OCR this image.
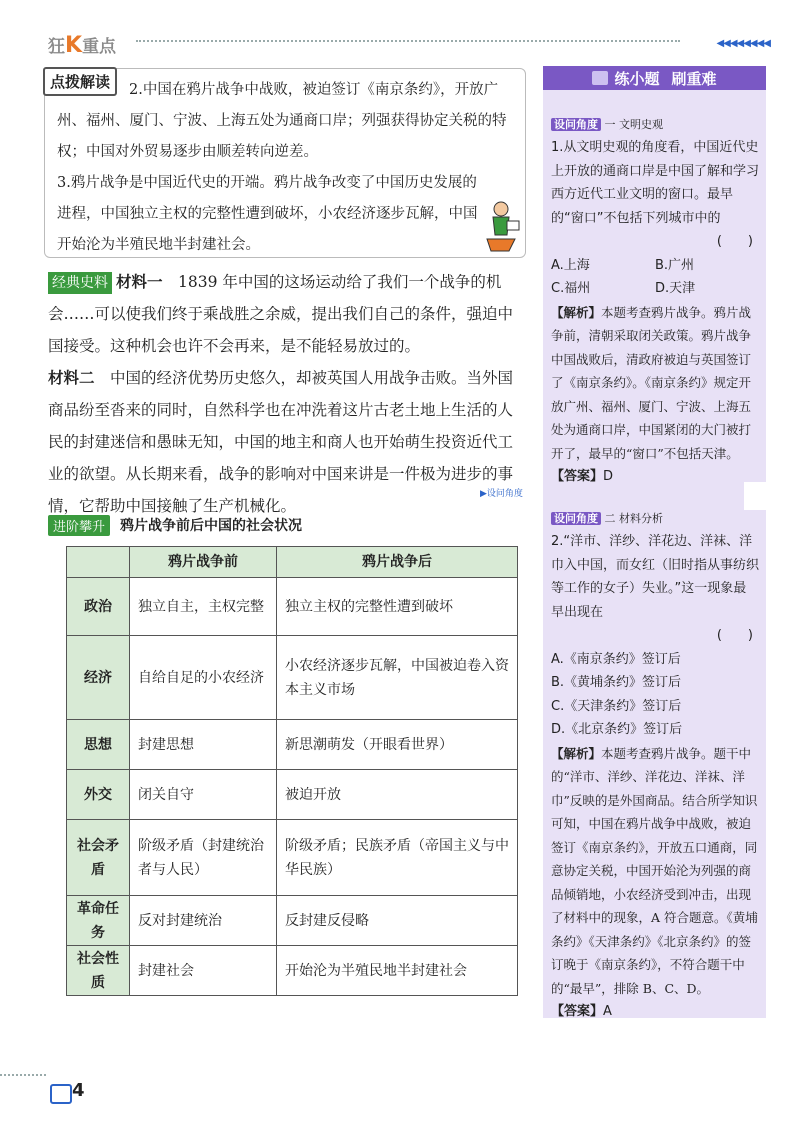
狂K重点	◀◀◀◀◀◀◀◀

2.中国在鸦片战争中战败，被迫签订《南京条约》，开放广

州、福州、厦门、宁波、上海五处为通商口岸；列强获得协定关税的特

权；中国对外贸易逐步由顺差转向逆差。

3.鸦片战争是中国近代史的开端。鸦片战争改变了中国历史发展的

进程，中国独立主权的完整性遭到破坏，小农经济逐步瓦解，中国

开始沦为半殖民地半封建社会。

点拨解读

经典史料 材料一　 1839 年中国的这场运动给了我们一个战争的机会……可以使我们终于乘战胜之余威，提出我们自己的条件，强迫中国接受。这种机会也许不会再来，是不能轻易放过的。

材料二　 中国的经济优势历史悠久，却被英国人用战争击败。当外国商品纷至沓来的同时，自然科学也在冲洗着这片古老土地上生活的人民的封建迷信和愚昧无知，中国的地主和商人也开始萌生投资近代工业的欲望。从长期来看，战争的影响对中国来讲是一件极为进步的事情，它帮助中国接触了生产机械化。

▶设问角度
进阶攀升	鸦片战争前后中国的社会状况
	鸦片战争前	鸦片战争后
政治	独立自主，主权完整	独立主权的完整性遭到破坏
经济	自给自足的小农经济	小农经济逐步瓦解，中国被迫卷入资本主义市场
思想	封建思想	新思潮萌发（开眼看世界）
外交	闭关自守	被迫开放
社会矛盾	阶级矛盾（封建统治者与人民）	阶级矛盾；民族矛盾（帝国主义与中华民族）
革命任务	反对封建统治	反封建反侵略
社会性质	封建社会	开始沦为半殖民地半封建社会
练小题 刷重难
设问角度 一 文明史观

1.从文明史观的角度看，中国近代史上开放的通商口岸是中国了解和学习西方近代工业文明的窗口。最早的“窗口”不包括下列城市中的

(　　)

A.上海	B.广州

C.福州	D.天津

【解析】本题考查鸦片战争。鸦片战争前，清朝采取闭关政策。鸦片战争中国战败后，清政府被迫与英国签订了《南京条约》。《南京条约》规定开放广州、福州、厦门、宁波、上海五处为通商口岸，中国紧闭的大门被打开了，最早的“窗口”不包括天津。

【答案】D

设问角度 二 材料分析

2.“洋市、洋纱、洋花边、洋袜、洋巾入中国，而女红（旧时指从事纺织等工作的女子）失业。”这一现象最早出现在

(　　)

A.《南京条约》签订后

B.《黄埔条约》签订后

C.《天津条约》签订后

D.《北京条约》签订后

【解析】本题考查鸦片战争。题干中的“洋市、洋纱、洋花边、洋袜、洋巾”反映的是外国商品。结合所学知识可知，中国在鸦片战争中战败，被迫签订《南京条约》，开放五口通商，同意协定关税，中国开始沦为列强的商品倾销地，小农经济受到冲击，出现了材料中的现象，A 符合题意。《黄埔条约》《天津条约》《北京条约》的签订晚于《南京条约》，不符合题干中的“最早”，排除 B、C、D。

【答案】A

4
